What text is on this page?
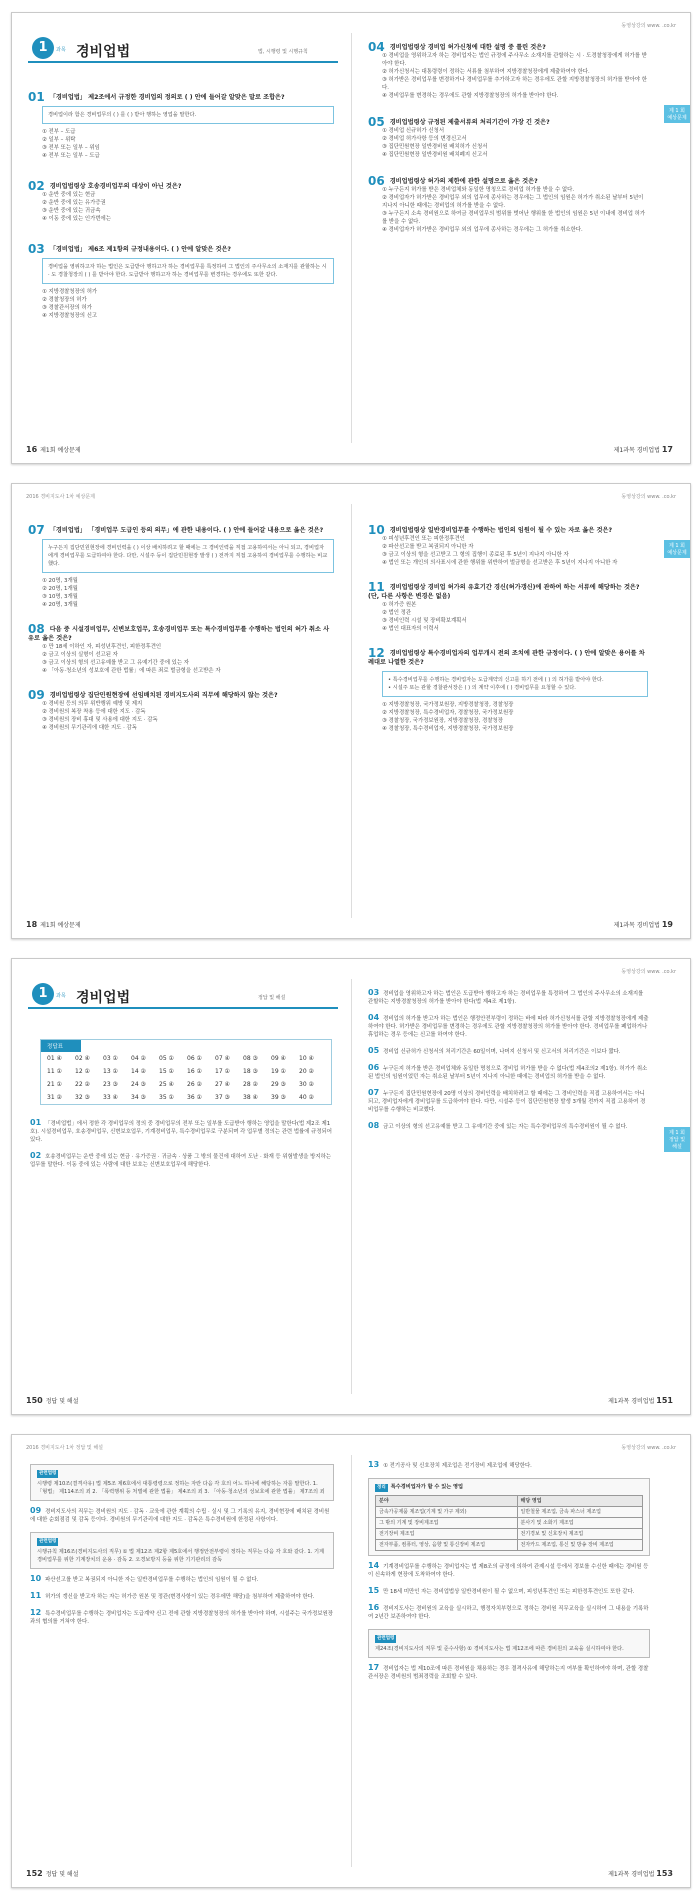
동영상강의 www. .co.kr
1	과목 경비업법	법, 시행령 및 시행규칙
01 「경비업법」 제2조에서 규정한 경비업의 정의로 ( ) 안에 들어갈 알맞은 말로 조합은?
경비업이라 함은 경비업무의 ( ) 를 ( ) 받아 행하는 영업을 말한다.
① 전부 – 도급
② 일부 – 위탁
③ 전부 또는 일부 – 위임
④ 전부 또는 일부 – 도급
02 경비업법령상 호송경비업무의 대상이 아닌 것은?
① 운반 중에 있는 현금
② 운반 중에 있는 유가증권
③ 운반 중에 있는 귀금속
④ 이동 중에 있는 인가번에는
03 「경비업법」 제6조 제1항의 규정내용이다. ( ) 안에 알맞은 것은?
경비업을 영위하고자 하는 법인은 도급받아 행하고자 하는 경비업무를 특정하여 그 법인의 주사무소의 소재지를 관할하는 시 · 도 경찰청장의 ( ) 를 받아야 한다. 도급받아 행하고자 하는 경비업무를 변경하는 경우에도 또한 같다.
① 지방경찰청장의 허가
② 경찰청장의 허가
③ 경찰관서장의 허가
④ 지방경찰청장의 신고
04 경비업법령상 경비업 허가신청에 대한 설명 중 틀린 것은?
① 경비업을 영위하고자 하는 경비업자는 법인 규정에 주사무소 소재지를 관할하는 시 · 도경찰청장에게 허가를 받아야 한다.
② 허가신청서는 대통령령이 정하는 서류를 첨부하여 지방경찰청장에게 제출하여야 한다.
③ 허가받은 경비업무를 변경하거나 경비업무를 추가하고자 하는 경우에도 관할 지방경찰청장의 허가를 받아야 한다.
④ 경비업무를 변경하는 경우에도 관할 지방경찰청장의 허가를 받아야 한다.
05 경비업법령상 규정된 제출서류의 처리기간이 가장 긴 것은?
① 경비업 신규허가 신청서
② 경비업 허가사항 등의 변경신고서
③ 집단민원현장 일반경비원 배치허가 신청서
④ 집단민원현장 일반경비원 배치폐지 신고서
06 경비업법령상 허가의 제한에 관한 설명으로 옳은 것은?
① 누구든지 허가를 받은 경비업체와 동일한 명칭으로 경비업 허가를 받을 수 없다.
② 경비업자가 허가받은 경비업무 외의 업무에 종사하는 경우에는 그 법인의 임원은 허가가 취소된 날부터 5년이 지나지 아니한 때에는 경비업의 허가를 받을 수 없다.
③ 누구든지 소속 경비원으로 하여금 경비업무의 범위를 벗어난 행위를 한 법인의 임원은 5년 이내에 경비업 허가를 받을 수 없다.
④ 경비업자가 허가받은 경비업무 외의 업무에 종사하는 경우에는 그 허가를 취소한다.
제 1 회
예상문제
16 제1회 예상문제	제1과목 경비업법 17
2016 경비지도사 1차 예상문제	동영상강의 www. .co.kr
07 「경비업법」 「경비업무 도급인 등의 의무」에 관한 내용이다. ( ) 안에 들어갈 내용으로 옳은 것은?
누구든지 집단민원현장에 경비인력을 ( ) 이상 배치하려고 할 때에는 그 경비인력을 직접 고용하여서는 아니 되고, 경비업자에게 경비업무를 도급하여야 한다. 다만, 시설주 등이 집단민원현장 발생 ( ) 전까지 직접 고용하여 경비업무를 수행하는 비교했다.
① 20명, 3개월
② 20명, 1개월
③ 10명, 3개월
④ 20명, 3개월
08 다음 중 시설경비업무, 신변보호업무, 호송경비업무 또는 특수경비업무를 수행하는 법인의 허가 취소 사유로 옳은 것은?
① 만 18세 이하인 자, 피성년후견인, 피한정후견인
② 금고 이상의 실형이 선고된 자
③ 금고 이상의 형의 선고유예를 받고 그 유예기간 중에 있는 자
④ 「아동·청소년의 성보호에 관한 법률」에 따른 죄로 벌금형을 선고받은 자
09 경비업법령상 집단민원현장에 선임배치된 경비지도사의 직무에 해당하지 않는 것은?
① 경비원 등의 의무 위반행위 예방 및 제지
② 경비원의 복장 착용 등에 대한 지도 · 감독
③ 경비원의 장비 휴대 및 사용에 대한 지도 · 감독
④ 경비원의 무기관리에 대한 지도 · 감독
10 경비업법령상 일반경비업무를 수행하는 법인의 임원이 될 수 있는 자로 옳은 것은?
① 피성년후견인 또는 피한정후견인
② 파산선고를 받고 복권되지 아니한 자
③ 금고 이상의 형을 선고받고 그 형의 집행이 종료된 후 5년이 지나지 아니한 자
④ 법인 또는 개인의 의사표시에 관한 행위를 위반하여 벌금형을 선고받은 후 5년이 지나지 아니한 자
11 경비업법령상 경비업 허가의 유효기간 경신(허가갱신)에 관하여 하는 서류에 해당하는 것은? (단, 다른 사항은 변경은 없음)
① 허가증 원본
② 법인 정관
③ 경비인력 시설 및 장비확보계획서
④ 법인 대표자의 이력서
12 경비업법령상 특수경비업자의 업무개시 전의 조치에 관한 규정이다. ( ) 안에 알맞은 용어를 차례대로 나열한 것은?
• 특수경비업무를 수행하는 경비업자는 도급계약의 신고를 하기 전에 ( ) 의 허가를 받아야 한다.
• 시설주 또는 관할 경찰관서장은 ( ) 의 계약 이후에 ( ) 경비업무를 요청할 수 있다.
① 지방경찰청장, 국가정보원장, 지방경찰청장, 경찰청장
② 지방경찰청장, 특수경비업자, 경찰청장, 국가정보원장
③ 경찰청장, 국가정보원장, 지방경찰청장, 경찰청장
④ 경찰청장, 특수경비업자, 지방경찰청장, 국가정보원장
제 1 회
예상문제
18 제1회 예상문제	제1과목 경비업법 19
동영상강의 www. .co.kr
1	과목 경비업법	정답 및 해설
정답표
01 ④ 02 ④ 03 ① 04 ② 05 ① 06 ① 07 ④ 08 ③ 09 ④ 10 ④
11 ① 12 ① 13 ① 14 ② 15 ① 16 ① 17 ① 18 ③ 19 ① 20 ②
21 ① 22 ② 23 ③ 24 ③ 25 ④ 26 ② 27 ④ 28 ② 29 ③ 30 ②
31 ② 32 ③ 33 ④ 34 ③ 35 ① 36 ① 37 ③ 38 ④ 39 ③ 40 ②
01 「경비업법」에서 정한 각 경비업무의 정의 중 경비업무의 전부 또는 일부를 도급받아 행하는 영업을 말한다(법 제2조 제1호). 시설경비업무, 호송경비업무, 신변보호업무, 기계경비업무, 특수경비업무로 구분되며 각 업무별 정의는 관련 법률에 규정되어 있다.
02 호송경비업무는 운반 중에 있는 현금 · 유가증권 · 귀금속 · 상품 그 밖의 물건에 대하여 도난 · 화재 등 위험발생을 방지하는 업무를 말한다. 이동 중에 있는 사람에 대한 보호는 신변보호업무에 해당한다.
03 경비업을 영위하고자 하는 법인은 도급받아 행하고자 하는 경비업무를 특정하여 그 법인의 주사무소의 소재지를 관할하는 지방경찰청장의 허가를 받아야 한다(법 제4조 제1항).
04 경비업의 허가를 받고자 하는 법인은 행정안전부령이 정하는 바에 따라 허가신청서를 관할 지방경찰청장에게 제출하여야 한다. 허가받은 경비업무를 변경하는 경우에도 관할 지방경찰청장의 허가를 받아야 한다. 경비업무를 폐업하거나 휴업하는 경우 등에는 신고를 하여야 한다.
05 경비업 신규허가 신청서의 처리기간은 60일이며, 나머지 신청서 및 신고서의 처리기간은 이보다 짧다.
06 누구든지 허가를 받은 경비업체와 동일한 명칭으로 경비업 허가를 받을 수 없다(법 제4조의2 제1항). 허가가 취소된 법인의 임원이었던 자는 취소된 날부터 5년이 지나지 아니한 때에는 경비업의 허가를 받을 수 없다.
07 누구든지 집단민원현장에 20명 이상의 경비인력을 배치하려고 할 때에는 그 경비인력을 직접 고용하여서는 아니 되고, 경비업자에게 경비업무를 도급하여야 한다. 다만, 시설주 등이 집단민원현장 발생 3개월 전까지 직접 고용하여 경비업무를 수행하는 비교했다.
08 금고 이상의 형의 선고유예를 받고 그 유예기간 중에 있는 자는 특수경비업무의 특수경비원이 될 수 없다.
제 1 회
정답 및 해설
150 정답 및 해설	제1과목 경비업법 151
2016 경비지도사 1차 정답 및 해설	동영상강의 www. .co.kr
관련법령
시행령 제10조(결격사유) 법 제5조 제6호에서 대통령령으로 정하는 자란 다음 각 호의 어느 하나에 해당하는 자를 말한다. 1. 「형법」 제114조의 죄 2. 「폭력행위 등 처벌에 관한 법률」 제4조의 죄 3. 「아동·청소년의 성보호에 관한 법률」 제7조의 죄
09 경비지도사의 직무는 경비원의 지도 · 감독 · 교육에 관한 계획의 수립 · 실시 및 그 기록의 유지, 경비현장에 배치된 경비원에 대한 순회점검 및 감독 등이다. 경비원의 무기관리에 대한 지도 · 감독은 특수경비원에 한정된 사항이다.
관련법령
시행규칙 제16조(경비지도사의 직무) ① 법 제12조 제2항 제5호에서 행정안전부령이 정하는 직무는 다음 각 호와 같다. 1. 기계경비업무를 위한 기계장치의 운용 · 감독 2. 오경보방지 등을 위한 기기관리의 감독
10 파산선고를 받고 복권되지 아니한 자는 일반경비업무를 수행하는 법인의 임원이 될 수 없다.
11 허가의 갱신을 받고자 하는 자는 허가증 원본 및 정관(변경사항이 있는 경우에만 해당)을 첨부하여 제출하여야 한다.
12 특수경비업무를 수행하는 경비업자는 도급계약 신고 전에 관할 지방경찰청장의 허가를 받아야 하며, 시설주는 국가정보원장과의 협의를 거쳐야 한다.
13 ① 전기공사 및 신호장치 제조업은 전기장비 제조업에 해당한다.
정리 특수경비업자가 할 수 있는 영업
분야	해당 영업
금속가공제품 제조업(기계 및 가구 제외)	일반철물 제조업, 금속 파스너 제조업
그 밖의 기계 및 장비제조업	분사기 및 소화기 제조업
전기장비 제조업	전기경보 및 신호장치 제조업
전자부품, 컴퓨터, 영상, 음향 및 통신장비 제조업	전자카드 제조업, 통신 및 방송 장비 제조업
14 기계경비업무를 수행하는 경비업자는 법 제8조의 규정에 의하여 관제시설 등에서 경보를 수신한 때에는 경비원 등이 신속하게 현장에 도착하여야 한다.
15 만 18세 미만인 자는 경비업법상 일반경비원이 될 수 없으며, 피성년후견인 또는 피한정후견인도 또한 같다.
16 경비지도사는 경비원의 교육을 실시하고, 행정자치부령으로 정하는 경비원 직무교육을 실시하여 그 내용을 기록하여 2년간 보존하여야 한다.
관련법령
제24조(경비지도사의 직무 및 준수사항) ① 경비지도사는 법 제12조에 따른 경비원의 교육을 실시하여야 한다.
17 경비업자는 법 제10조에 따른 경비원을 채용하는 경우 결격사유에 해당하는지 여부를 확인하여야 하며, 관할 경찰관서장은 경비원의 범죄경력을 조회할 수 있다.
152 정답 및 해설	제1과목 경비업법 153
